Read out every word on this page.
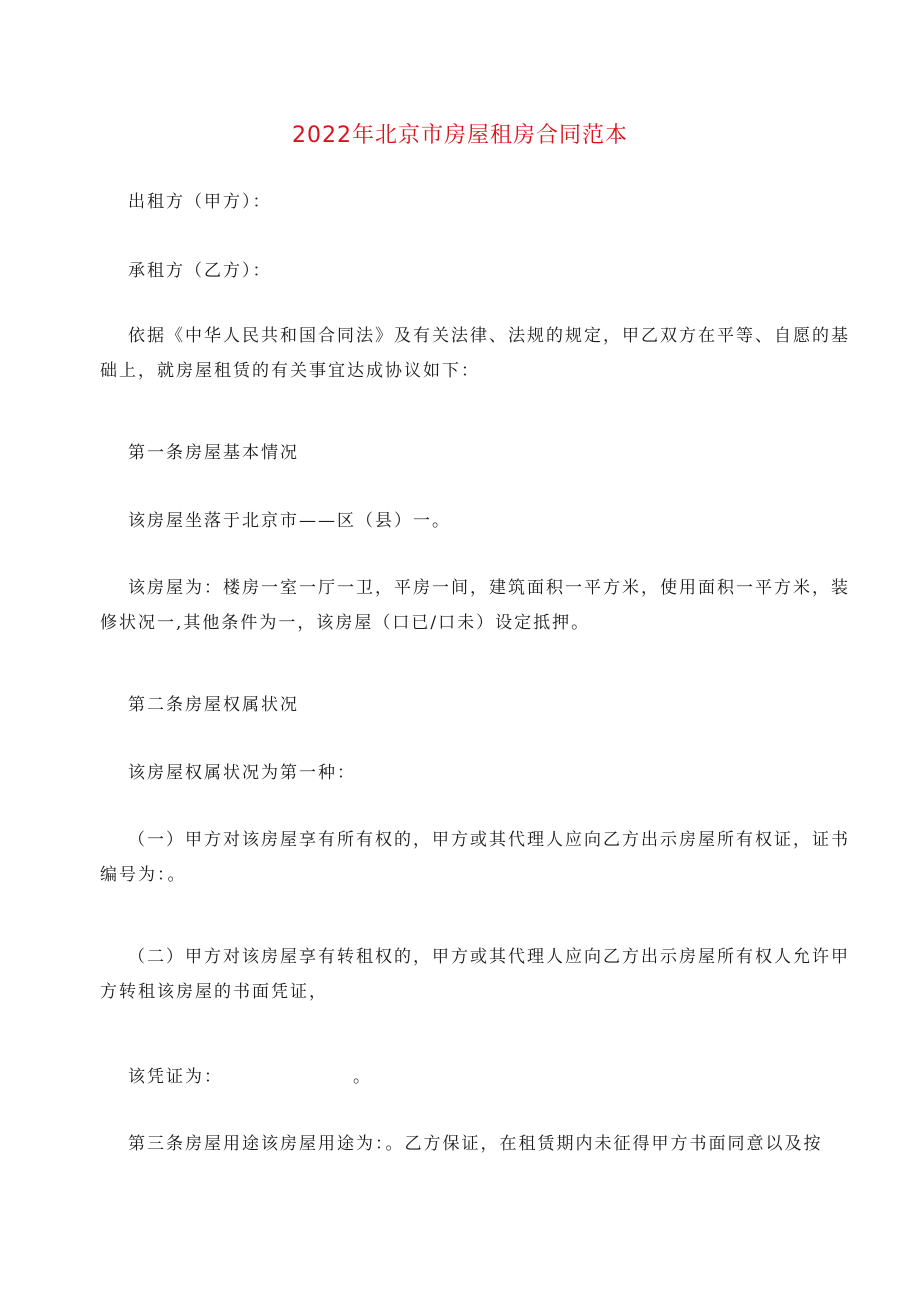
2022年北京市房屋租房合同范本

出租方（甲方）：

承租方（乙方）：

依据《中华人民共和国合同法》及有关法律、法规的规定，甲乙双方在平等、自愿的基
础上，就房屋租赁的有关事宜达成协议如下：

第一条房屋基本情况

该房屋坐落于北京市——区（县）一。

该房屋为：楼房一室一厅一卫，平房一间，建筑面积一平方米，使用面积一平方米，装
修状况一,其他条件为一，该房屋（口已/口未）设定抵押。

第二条房屋权属状况

该房屋权属状况为第一种：

（一）甲方对该房屋享有所有权的，甲方或其代理人应向乙方出示房屋所有权证，证书
编号为：。

（二）甲方对该房屋享有转租权的，甲方或其代理人应向乙方出示房屋所有权人允许甲
方转租该房屋的书面凭证，

该凭证为：	。

第三条房屋用途该房屋用途为：。乙方保证，在租赁期内未征得甲方书面同意以及按
